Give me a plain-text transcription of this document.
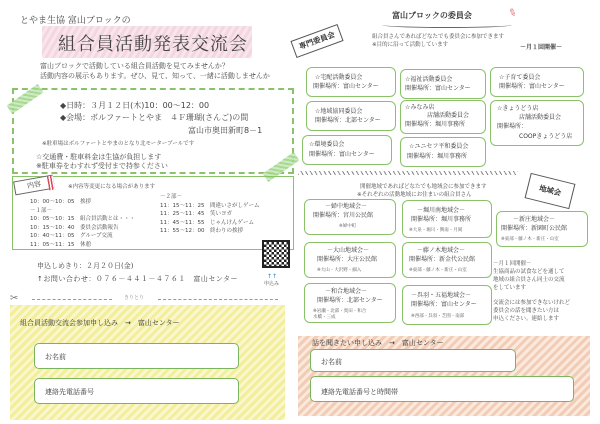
とやま生協 富山ブロックの
組合員活動発表交流会
富山ブロックで活動している組合員活動を見てみませんか？
活動内容の展示もあります。ぜひ、見て、知って、一緒に活動しませんか
◆日時：３月１２日(木)10：00～12：00
◆会場：ボルファートとやま　４Ｆ珊瑚(さんご)の間
富山市奥田新町8－1
※駐車場はボルファートとやまのとなり北モーターブールです
☆交通費・駐車料金は生協が負担します
※駐車券をわすれず受付まで持参ください
内容	※内容等変更になる場合があります
10：00～10：05　挨拶
－１部－
10：05～10：15　組合員活動とは・・・
10：15～10：40　委員会活動報告
10：40～11：05　グループ交流
11：05～11：15　休憩
－２部－
11：15～11：25　間違いさがしゲーム
11：25～11：45　笑いヨガ
11：45～11：55　じゃんけんゲーム
11：55～12：00　終わりの挨拶
申込しめきり：２月２０日(金)
↑お問い合わせ：０７６－４４１－４７６１　富山センター	↑↑
申込み
✂	きりとり
組合員活動交流会参加申し込み　→　富山センター
お名前
連絡先電話番号
専門委員会
富山ブロックの委員会	✎
組合員さんであればどなたでも委員会に参加できます
※目的に沿って活動しています	－月１回開催－
☆宅配活動委員会
開催場所：富山センター
☆福祉活動委員会
開催場所：富山センター
☆子育て委員会
開催場所：富山センター
☆地域協同委員会
開催場所：北部センター
☆みなみ店
店舗活動委員会
開催場所：堀川事務所
☆きょうどう店
店舗活動委員会
開催場所：
COOPきょうどう店
☆環境委員会
開催場所：富山センター
☆ユニセフ平和委員会
開催場所：堀川事務所
地域会
開催地域であればどなたでも地域会に参加できます
※それぞれの活動地域にお住まいの組合員さん
－婦中地域会－
開催場所：宮川公民館
※婦中町
－堀川南地域会－
開催場所：堀川事務所
※大泉・堀川・興南・月岡
－新庄地域会－
開催場所：新園町公民館
※東部・藤ノ木・新庄・山室
－大山地域会－
開催場所：大庄公民館
※大山・大沢野・細入
－藤ノ木地域会－
開催場所：新金代公民館
※東部・藤ノ木・新庄・山室
－和合地域会－
開催場所：北部センター
※岩瀬・北部・奥田・和合 水橋・三成
－呉羽・五福地域会－
開催場所：富山センター
※西部・呉羽・芝園・南部
－月１回開催－
生協商品の試食などを通して
地域の組合員さん同士の交流
をしています
交流会には参加できないけれど
委員会の話を聞きたい方は
申込ください。連絡します
話を聞きたい申し込み　→　富山センター
お名前
連絡先電話番号と時間帯
